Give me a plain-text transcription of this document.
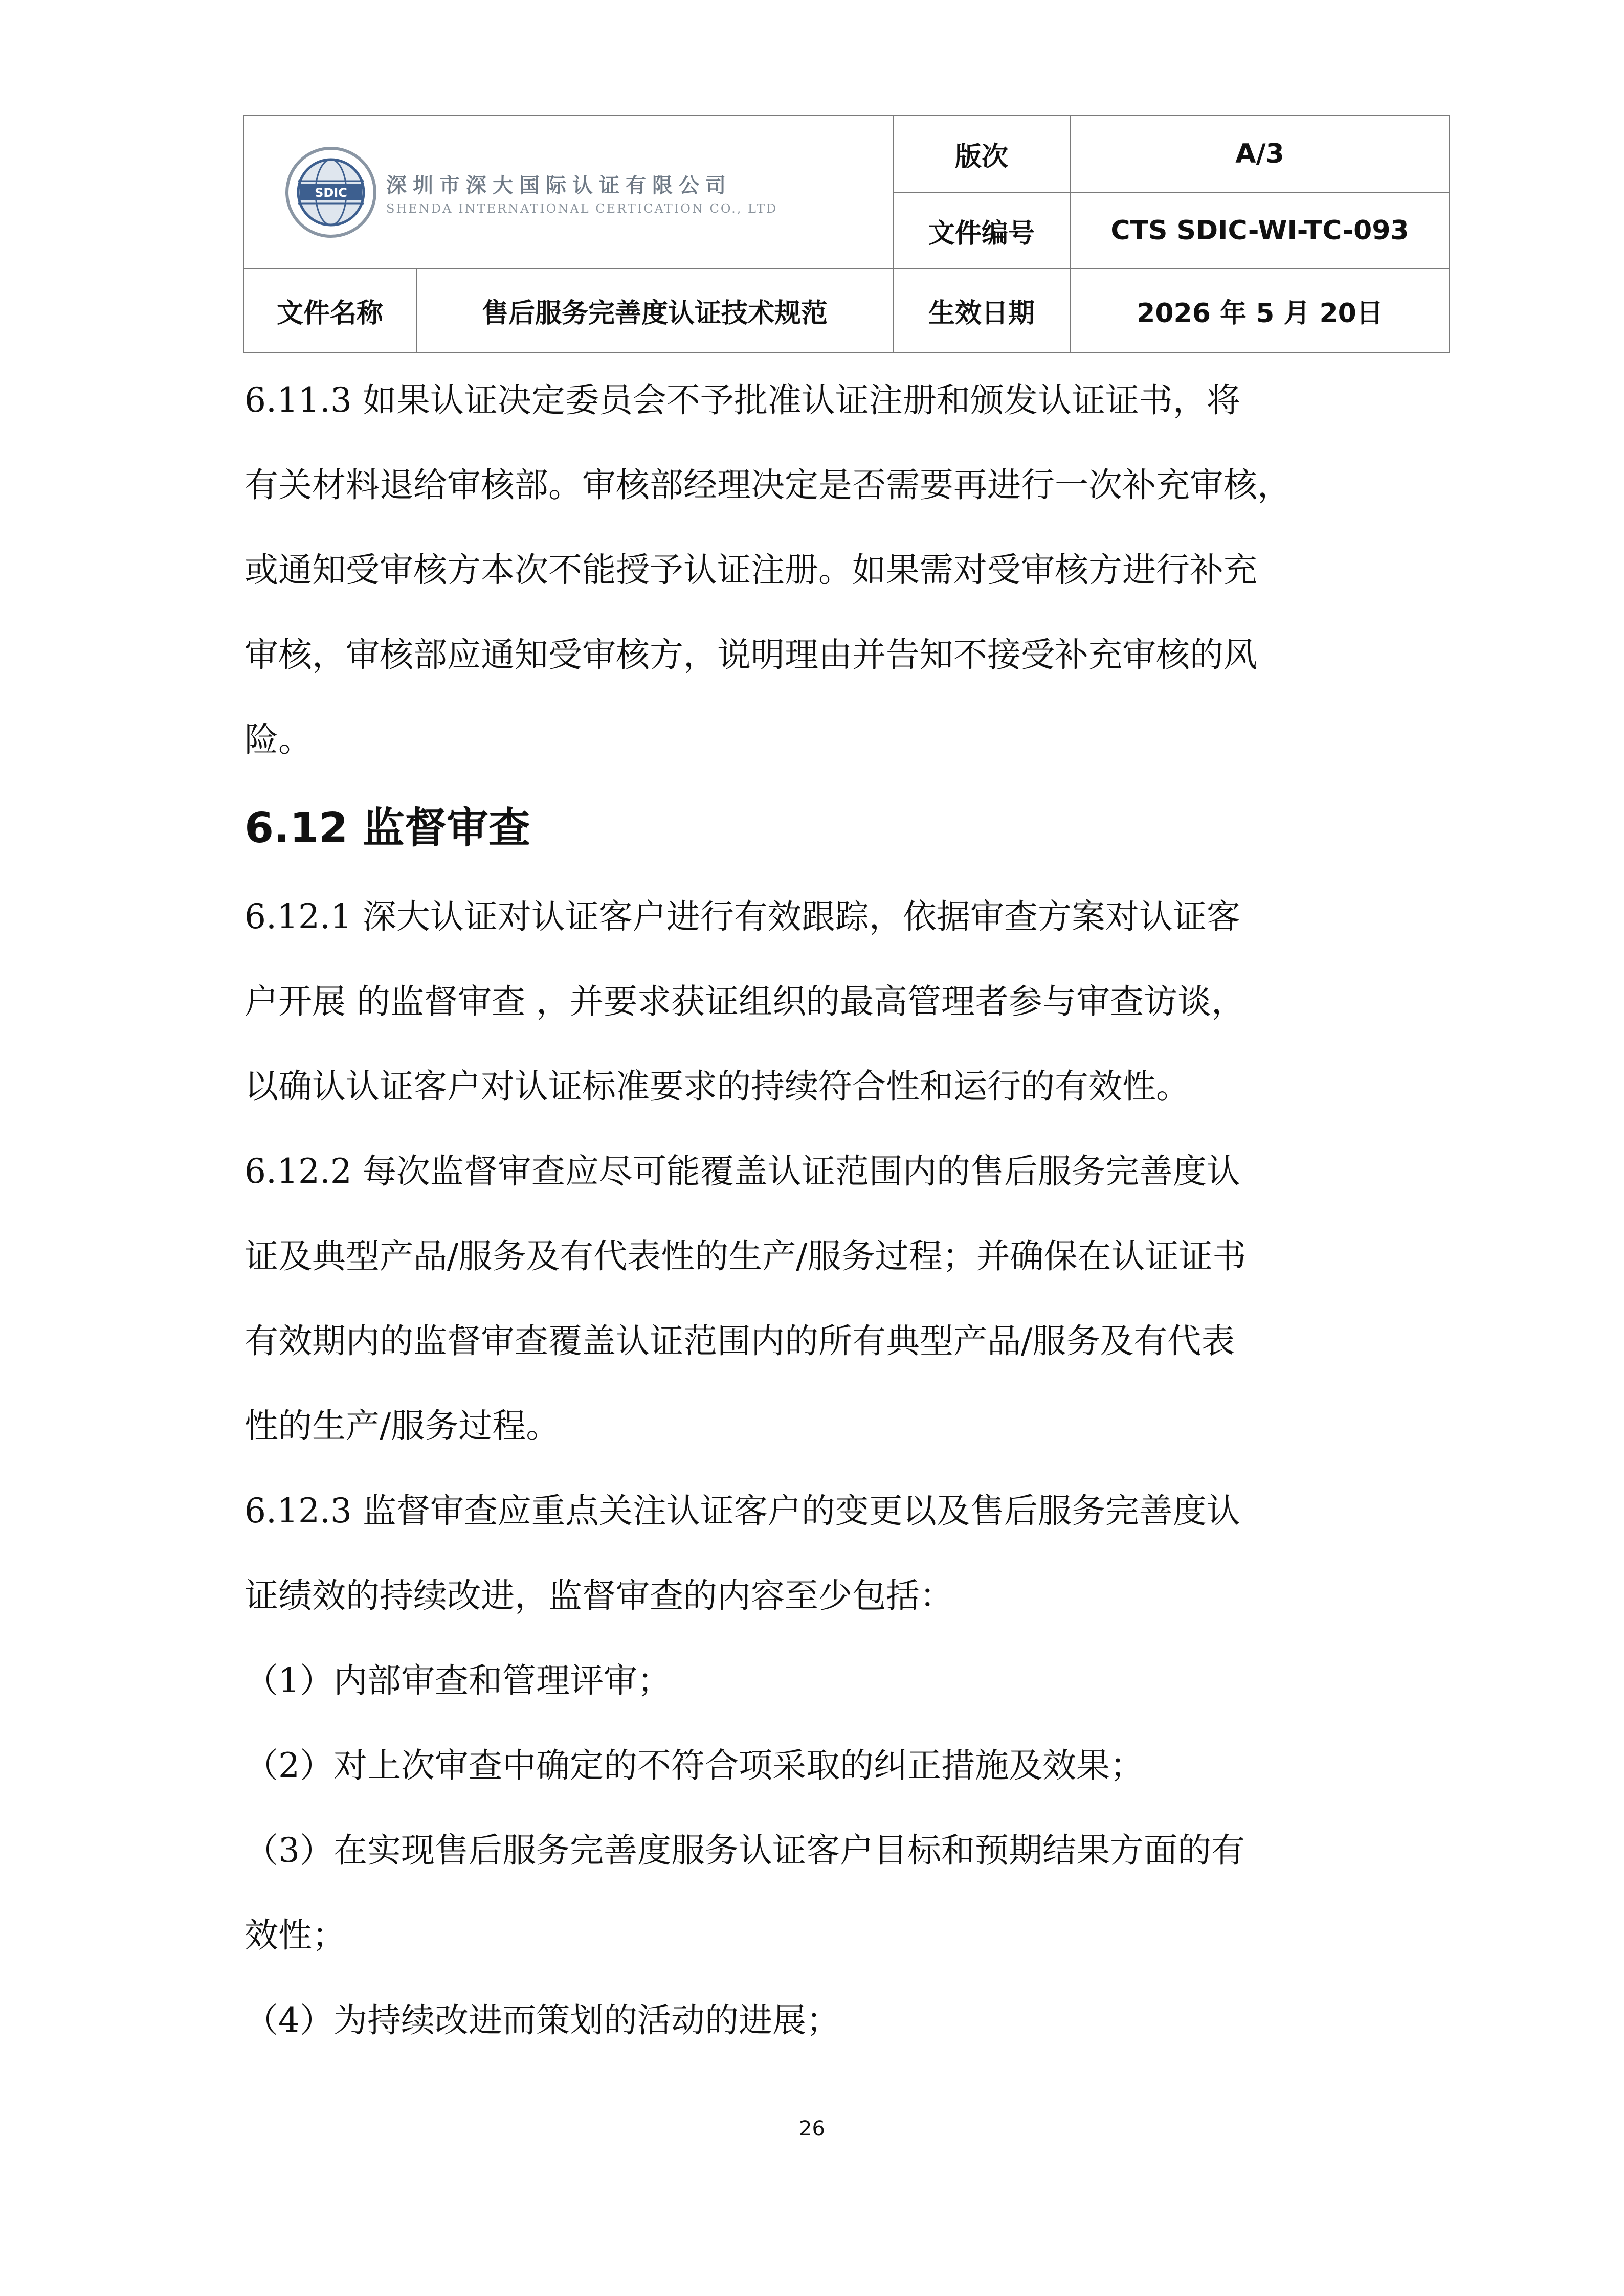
SDIC 深圳市深大国际认证有限公司
SHENDA INTERNATIONAL CERTICATION CO., LTD		版次	A/3
		文件编号	CTS SDIC-WI-TC-093
文件名称	售后服务完善度认证技术规范	生效日期	2026 年 5 月 20日

6.11.3 如果认证决定委员会不予批准认证注册和颁发认证证书，将

有关材料退给审核部。审核部经理决定是否需要再进行一次补充审核，

或通知受审核方本次不能授予认证注册。如果需对受审核方进行补充

审核，审核部应通知受审核方，说明理由并告知不接受补充审核的风

险。

6.12 监督审查

6.12.1 深大认证对认证客户进行有效跟踪，依据审查方案对认证客

户开展 的监督审查 ，并要求获证组织的最高管理者参与审查访谈，

以确认认证客户对认证标准要求的持续符合性和运行的有效性。

6.12.2 每次监督审查应尽可能覆盖认证范围内的售后服务完善度认

证及典型产品/服务及有代表性的生产/服务过程；并确保在认证证书

有效期内的监督审查覆盖认证范围内的所有典型产品/服务及有代表

性的生产/服务过程。

6.12.3 监督审查应重点关注认证客户的变更以及售后服务完善度认

证绩效的持续改进，监督审查的内容至少包括：

（1）内部审查和管理评审；

（2）对上次审查中确定的不符合项采取的纠正措施及效果；

（3）在实现售后服务完善度服务认证客户目标和预期结果方面的有

效性；

（4）为持续改进而策划的活动的进展；

26
